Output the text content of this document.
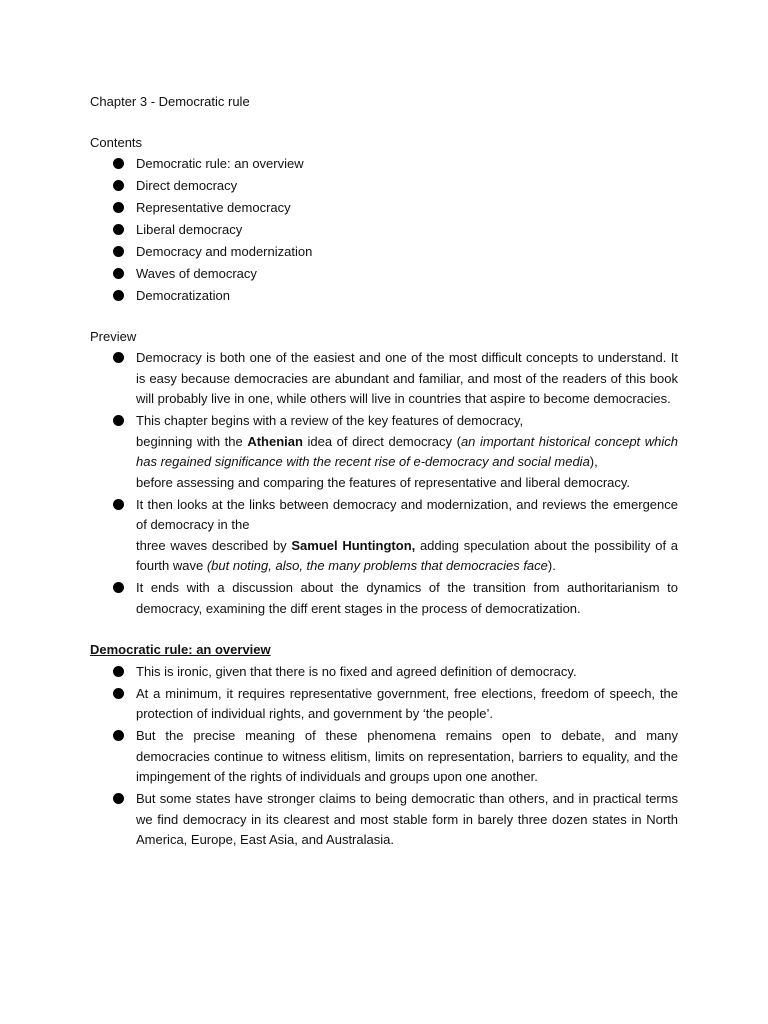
Chapter 3 - Democratic rule

Contents

Democratic rule: an overview
Direct democracy
Representative democracy
Liberal democracy
Democracy and modernization
Waves of democracy
Democratization

Preview

Democracy is both one of the easiest and one of the most difficult concepts to understand. It is easy because democracies are abundant and familiar, and most of the readers of this book will probably live in one, while others will live in countries that aspire to become democracies.
This chapter begins with a review of the key features of democracy,
beginning with the Athenian idea of direct democracy (an important historical concept which has regained significance with the recent rise of e-democracy and social media),
before assessing and comparing the features of representative and liberal democracy.
It then looks at the links between democracy and modernization, and reviews the emergence of democracy in the
three waves described by Samuel Huntington, adding speculation about the possibility of a fourth wave (but noting, also, the many problems that democracies face).
It ends with a discussion about the dynamics of the transition from authoritarianism to democracy, examining the diff erent stages in the process of democratization.

Democratic rule: an overview

This is ironic, given that there is no fixed and agreed definition of democracy.
At a minimum, it requires representative government, free elections, freedom of speech, the protection of individual rights, and government by ‘the people’.
But the precise meaning of these phenomena remains open to debate, and many democracies continue to witness elitism, limits on representation, barriers to equality, and the impingement of the rights of individuals and groups upon one another.
But some states have stronger claims to being democratic than others, and in practical terms we find democracy in its clearest and most stable form in barely three dozen states in North America, Europe, East Asia, and Australasia.
